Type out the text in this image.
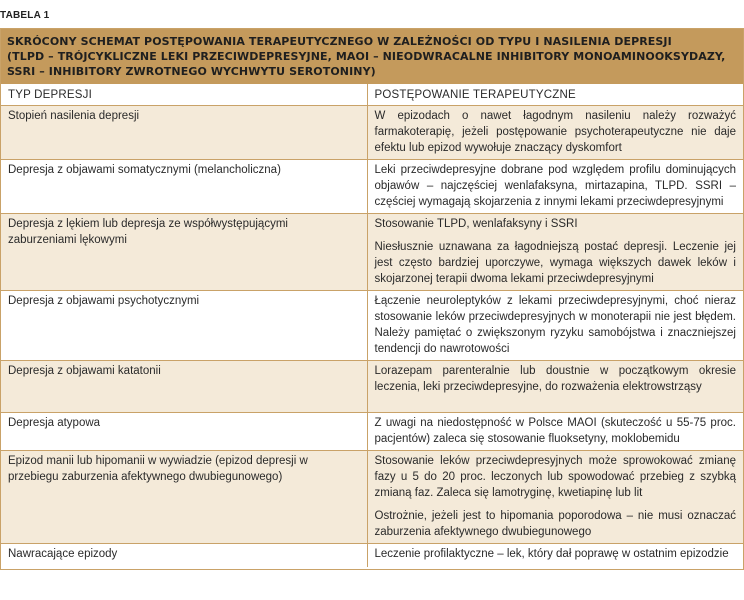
TABELA 1
SKRÓCONY SCHEMAT POSTĘPOWANIA TERAPEUTYCZNEGO W ZALEŻNOŚCI OD TYPU I NASILENIA DEPRESJI
(TLPD – TRÓJCYKLICZNE LEKI PRZECIWDEPRESYJNE, MAOI – NIEODWRACALNE INHIBITORY MONOAMINOOKSYDAZY,
SSRI – INHIBITORY ZWROTNEGO WYCHWYTU SEROTONINY)
TYP DEPRESJI	POSTĘPOWANIE TERAPEUTYCZNE
Stopień nasilenia depresji	W epizodach o nawet łagodnym nasileniu należy rozważyć farmakoterapię, jeżeli postępowanie psychoterapeutyczne nie daje efektu lub epizod wywołuje znaczący dyskomfort

Depresja z objawami somatycznymi (melancholiczna)	Leki przeciwdepresyjne dobrane pod względem profilu dominujących objawów – najczęściej wenlafaksyna, mirtazapina, TLPD. SSRI – częściej wymagają skojarzenia z innymi lekami przeciwdepresyjnymi

Depresja z lękiem lub depresja ze współwystępującymi zaburzeniami lękowymi	Stosowanie TLPD, wenlafaksyny i SSRI
Niesłusznie uznawana za łagodniejszą postać depresji. Leczenie jej jest często bardziej uporczywe, wymaga większych dawek leków i skojarzonej terapii dwoma lekami przeciwdepresyjnymi

Depresja z objawami psychotycznymi	Łączenie neuroleptyków z lekami przeciwdepresyjnymi, choć nieraz stosowanie leków przeciwdepresyjnych w monoterapii nie jest błędem. Należy pamiętać o zwiększonym ryzyku samobójstwa i znaczniejszej tendencji do nawrotowości

Depresja z objawami katatonii	Lorazepam parenteralnie lub doustnie w początkowym okresie leczenia, leki przeciwdepresyjne, do rozważenia elektrowstrząsy

Depresja atypowa	Z uwagi na niedostępność w Polsce MAOI (skuteczość u 55-75 proc. pacjentów) zaleca się stosowanie fluoksetyny, moklobemidu

Epizod manii lub hipomanii w wywiadzie (epizod depresji w przebiegu zaburzenia afektywnego dwubiegunowego)	Stosowanie leków przeciwdepresyjnych może sprowokować zmianę fazy u 5 do 20 proc. leczonych lub spowodować przebieg z szybką zmianą faz. Zaleca się lamotryginę, kwetiapinę lub lit
Ostrożnie, jeżeli jest to hipomania poporodowa – nie musi oznaczać zaburzenia afektywnego dwubiegunowego

Nawracające epizody	Leczenie profilaktyczne – lek, który dał poprawę w ostatnim epizodzie
